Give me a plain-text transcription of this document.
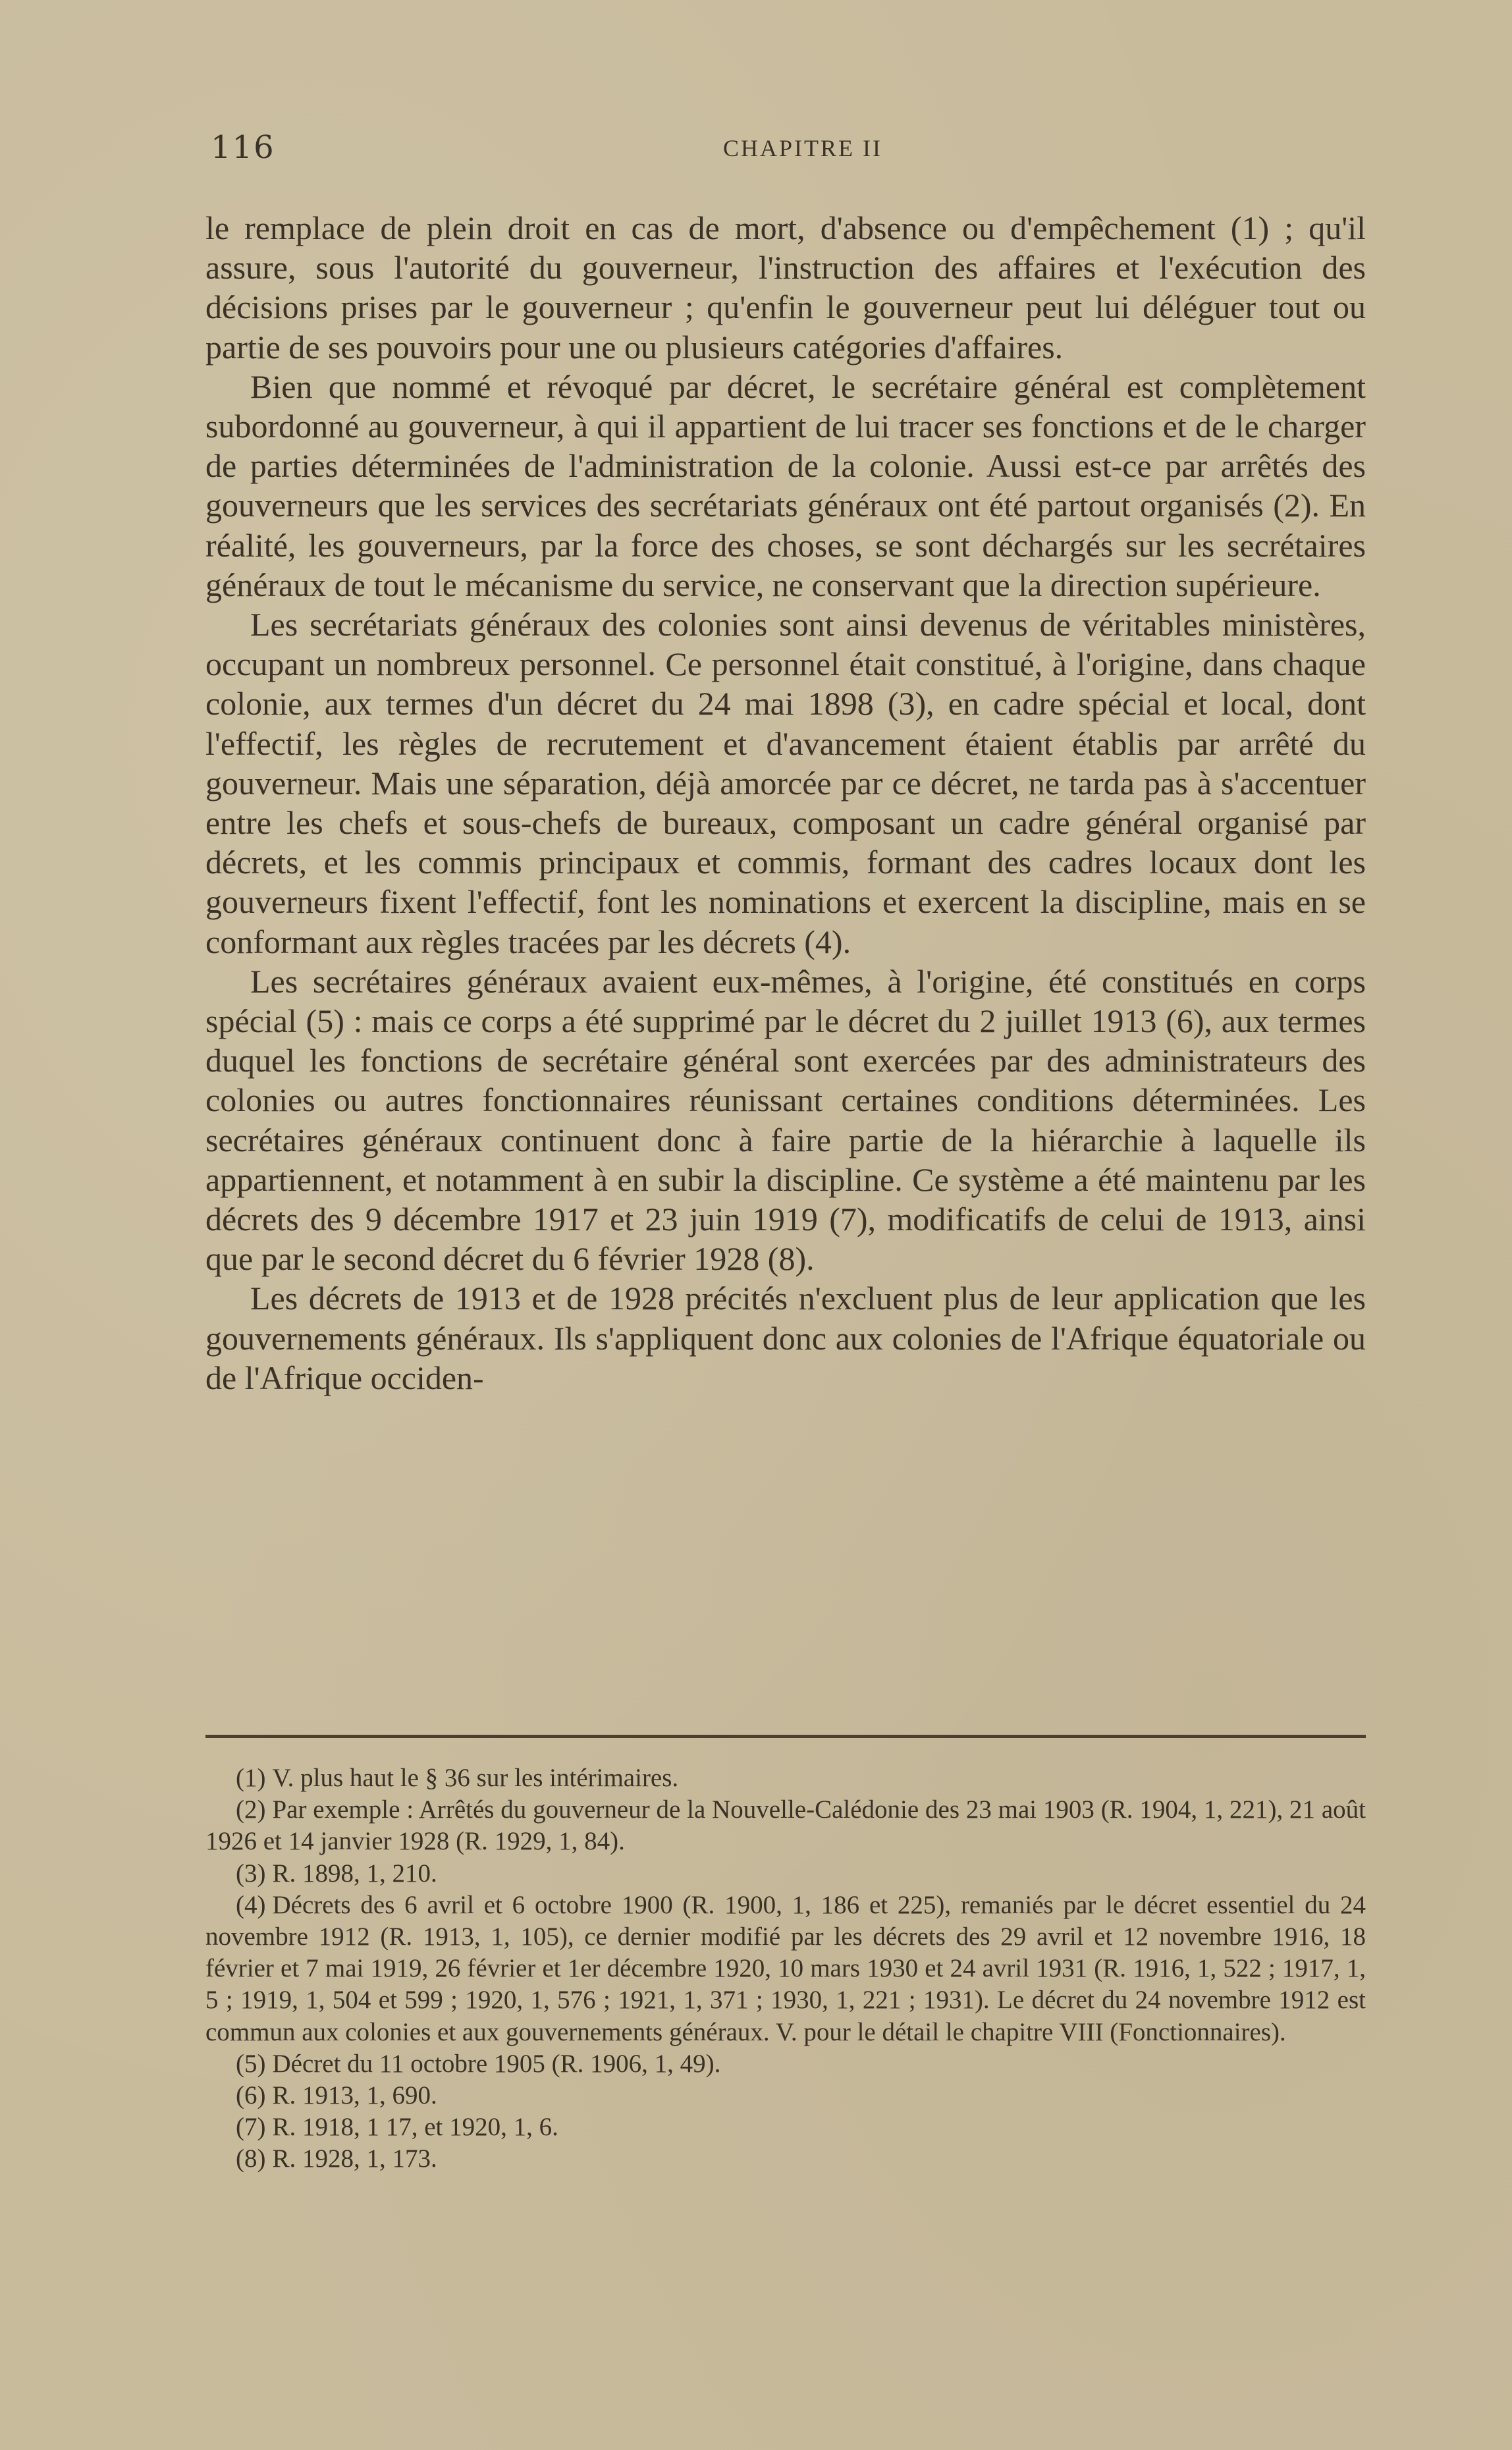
116	CHAPITRE II

le remplace de plein droit en cas de mort, d'absence ou d'empêchement (1) ; qu'il assure, sous l'autorité du gouverneur, l'instruction des affaires et l'exécution des décisions prises par le gouverneur ; qu'enfin le gouverneur peut lui déléguer tout ou partie de ses pouvoirs pour une ou plusieurs catégories d'affaires.

Bien que nommé et révoqué par décret, le secrétaire général est complètement subordonné au gouverneur, à qui il appartient de lui tracer ses fonctions et de le charger de parties déterminées de l'administration de la colonie. Aussi est-ce par arrêtés des gouverneurs que les services des secrétariats généraux ont été partout organisés (2). En réalité, les gouverneurs, par la force des choses, se sont déchargés sur les secrétaires généraux de tout le mécanisme du service, ne conservant que la direction supérieure.

Les secrétariats généraux des colonies sont ainsi devenus de véritables ministères, occupant un nombreux personnel. Ce personnel était constitué, à l'origine, dans chaque colonie, aux termes d'un décret du 24 mai 1898 (3), en cadre spécial et local, dont l'effectif, les règles de recrutement et d'avancement étaient établis par arrêté du gouverneur. Mais une séparation, déjà amorcée par ce décret, ne tarda pas à s'accentuer entre les chefs et sous-chefs de bureaux, composant un cadre général organisé par décrets, et les commis principaux et commis, formant des cadres locaux dont les gouverneurs fixent l'effectif, font les nominations et exercent la discipline, mais en se conformant aux règles tracées par les décrets (4).

Les secrétaires généraux avaient eux-mêmes, à l'origine, été constitués en corps spécial (5) : mais ce corps a été supprimé par le décret du 2 juillet 1913 (6), aux termes duquel les fonctions de secrétaire général sont exercées par des administrateurs des colonies ou autres fonctionnaires réunissant certaines conditions déterminées. Les secrétaires généraux continuent donc à faire partie de la hiérarchie à laquelle ils appartiennent, et notamment à en subir la discipline. Ce système a été maintenu par les décrets des 9 décembre 1917 et 23 juin 1919 (7), modificatifs de celui de 1913, ainsi que par le second décret du 6 février 1928 (8).

Les décrets de 1913 et de 1928 précités n'excluent plus de leur application que les gouvernements généraux. Ils s'appliquent donc aux colonies de l'Afrique équatoriale ou de l'Afrique occiden-

(1) V. plus haut le § 36 sur les intérimaires.

(2) Par exemple : Arrêtés du gouverneur de la Nouvelle-Calédonie des 23 mai 1903 (R. 1904, 1, 221), 21 août 1926 et 14 janvier 1928 (R. 1929, 1, 84).

(3) R. 1898, 1, 210.

(4) Décrets des 6 avril et 6 octobre 1900 (R. 1900, 1, 186 et 225), remaniés par le décret essentiel du 24 novembre 1912 (R. 1913, 1, 105), ce dernier modifié par les décrets des 29 avril et 12 novembre 1916, 18 février et 7 mai 1919, 26 février et 1er décembre 1920, 10 mars 1930 et 24 avril 1931 (R. 1916, 1, 522 ; 1917, 1, 5 ; 1919, 1, 504 et 599 ; 1920, 1, 576 ; 1921, 1, 371 ; 1930, 1, 221 ; 1931). Le décret du 24 novembre 1912 est commun aux colonies et aux gouvernements généraux. V. pour le détail le chapitre VIII (Fonctionnaires).

(5) Décret du 11 octobre 1905 (R. 1906, 1, 49).

(6) R. 1913, 1, 690.

(7) R. 1918, 1 17, et 1920, 1, 6.

(8) R. 1928, 1, 173.
